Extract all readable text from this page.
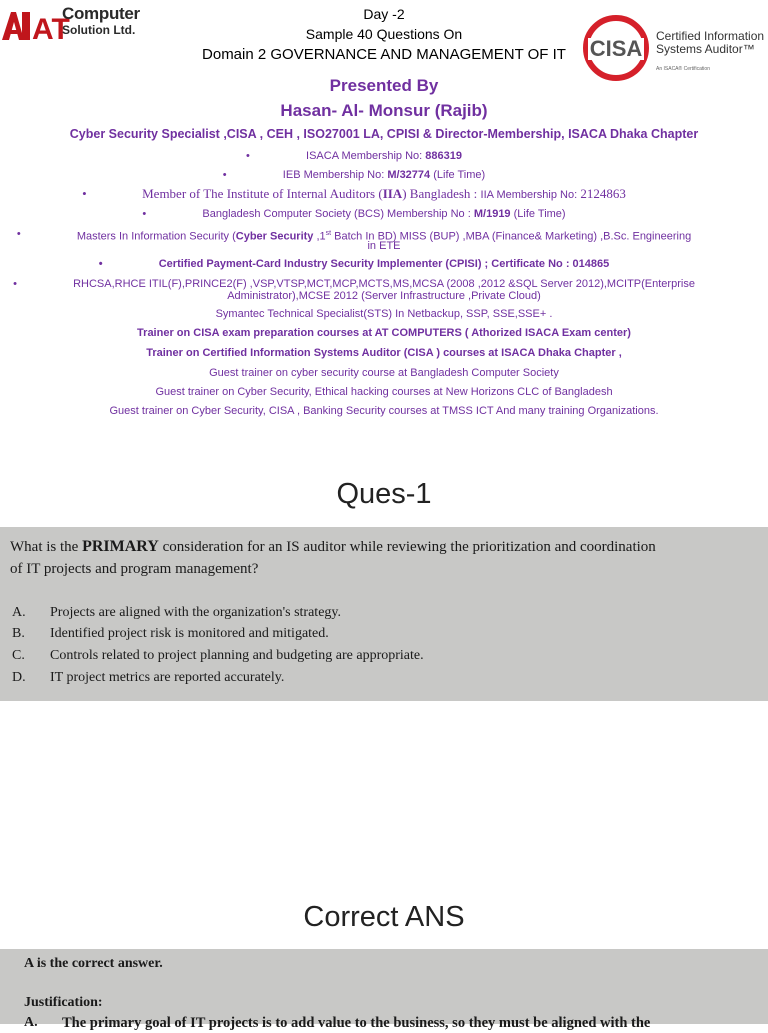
AT
Computer
Solution Ltd.
CISA Certified Information
Systems Auditor™
An ISACA® Certification
Day -2
Sample 40 Questions On
Domain 2 GOVERNANCE AND MANAGEMENT OF IT
Presented By
Hasan- Al- Monsur (Rajib)
Cyber Security Specialist ,CISA , CEH , ISO27001 LA, CPISI & Director-Membership, ISACA Dhaka Chapter
• ISACA Membership No: 886319
• IEB Membership No: M/32774 (Life Time)
• Member of The Institute of Internal Auditors (IIA) Bangladesh : IIA Membership No: 2124863
• Bangladesh Computer Society (BCS) Membership No : M/1919 (Life Time)
• Masters In Information Security (Cyber Security ,1st Batch In BD) MISS (BUP) ,MBA (Finance& Marketing) ,B.Sc. Engineering
in ETE
• Certified Payment-Card Industry Security Implementer (CPISI) ; Certificate No : 014865
• RHCSA,RHCE ITIL(F),PRINCE2(F) ,VSP,VTSP,MCT,MCP,MCTS,MS,MCSA (2008 ,2012 &SQL Server 2012),MCITP(Enterprise
Administrator),MCSE 2012 (Server Infrastructure ,Private Cloud)
Symantec Technical Specialist(STS) In Netbackup, SSP, SSE,SSE+ .
Trainer on CISA exam preparation courses at AT COMPUTERS ( Athorized ISACA Exam center)
Trainer on Certified Information Systems Auditor (CISA ) courses at ISACA Dhaka Chapter ,
Guest trainer on cyber security course at Bangladesh Computer Society
Guest trainer on Cyber Security, Ethical hacking courses at New Horizons CLC of Bangladesh
Guest trainer on Cyber Security, CISA , Banking Security courses at TMSS ICT And many training Organizations.
Ques-1
What is the PRIMARY consideration for an IS auditor while reviewing the prioritization and coordination
of IT projects and program management?
A. Projects are aligned with the organization's strategy.
B. Identified project risk is monitored and mitigated.
C. Controls related to project planning and budgeting are appropriate.
D. IT project metrics are reported accurately.
Correct ANS
A is the correct answer.
Justification:
A. The primary goal of IT projects is to add value to the business, so they must be aligned with the
